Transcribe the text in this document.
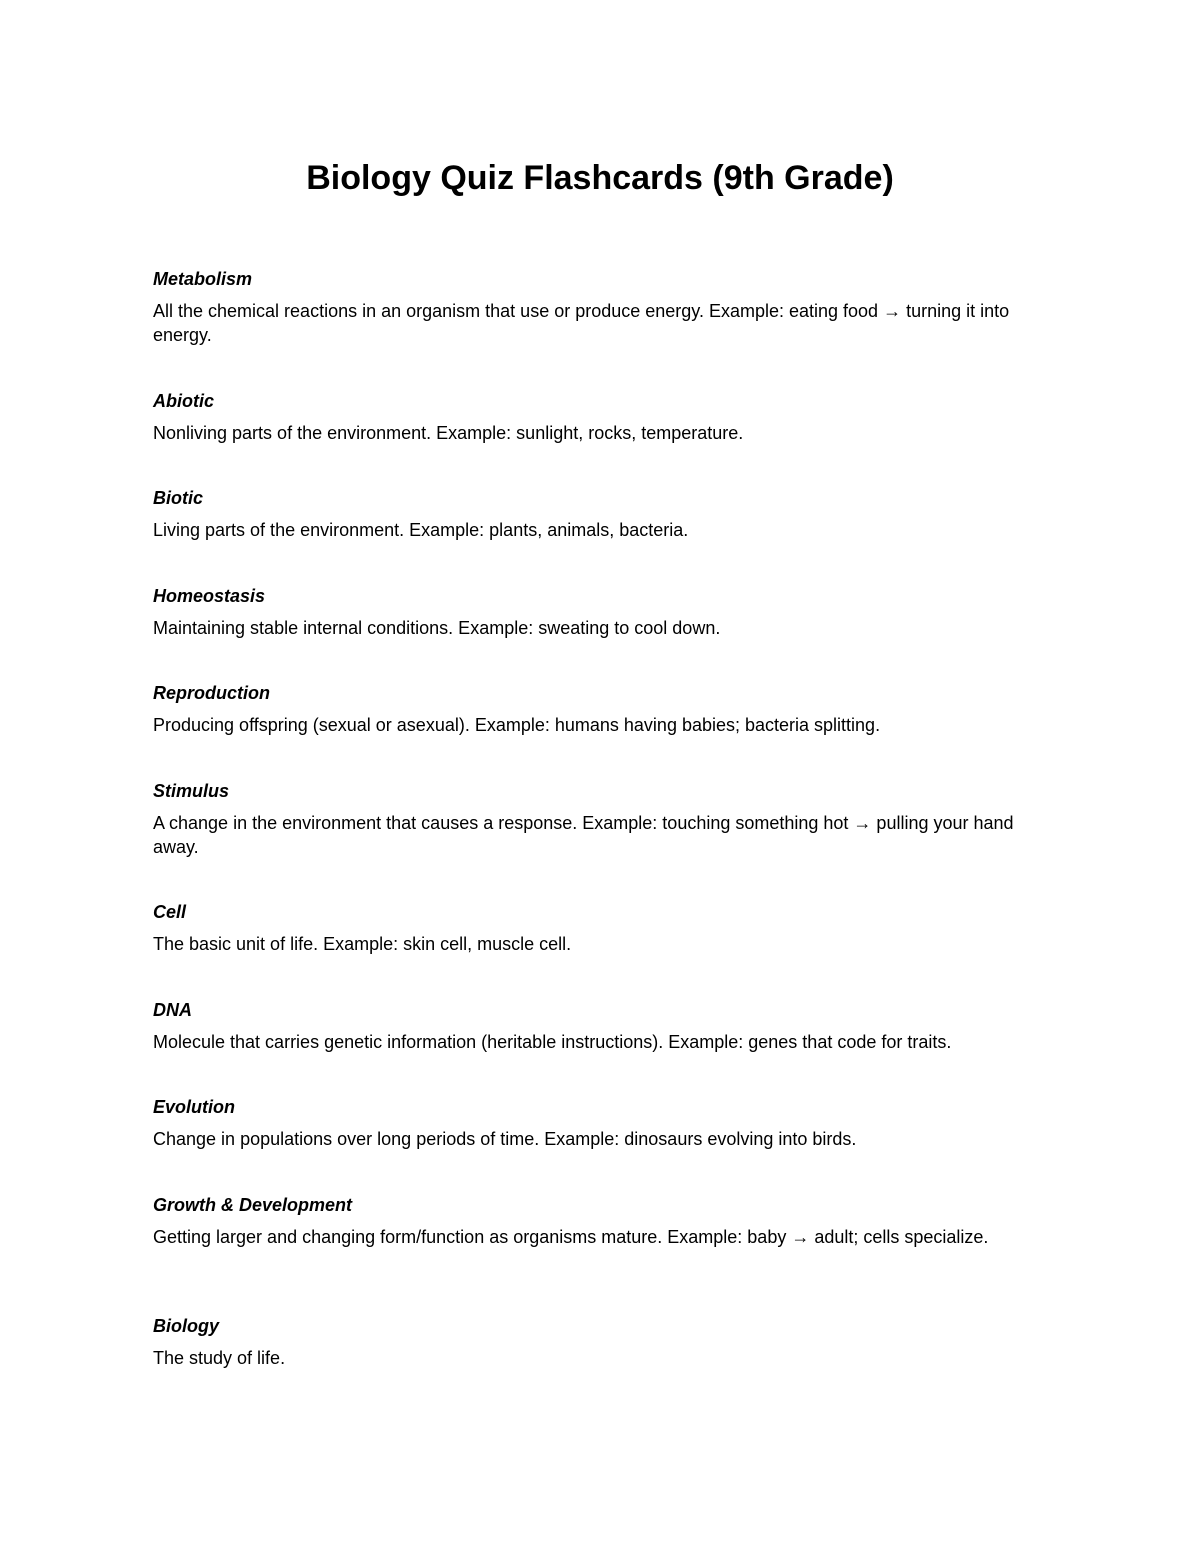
Biology Quiz Flashcards (9th Grade)

Metabolism

All the chemical reactions in an organism that use or produce energy. Example: eating food → turning it into energy.

Abiotic

Nonliving parts of the environment. Example: sunlight, rocks, temperature.

Biotic

Living parts of the environment. Example: plants, animals, bacteria.

Homeostasis

Maintaining stable internal conditions. Example: sweating to cool down.

Reproduction

Producing offspring (sexual or asexual). Example: humans having babies; bacteria splitting.

Stimulus

A change in the environment that causes a response. Example: touching something hot → pulling your hand away.

Cell

The basic unit of life. Example: skin cell, muscle cell.

DNA

Molecule that carries genetic information (heritable instructions). Example: genes that code for traits.

Evolution

Change in populations over long periods of time. Example: dinosaurs evolving into birds.

Growth & Development

Getting larger and changing form/function as organisms mature. Example: baby → adult; cells specialize.

Biology

The study of life.
